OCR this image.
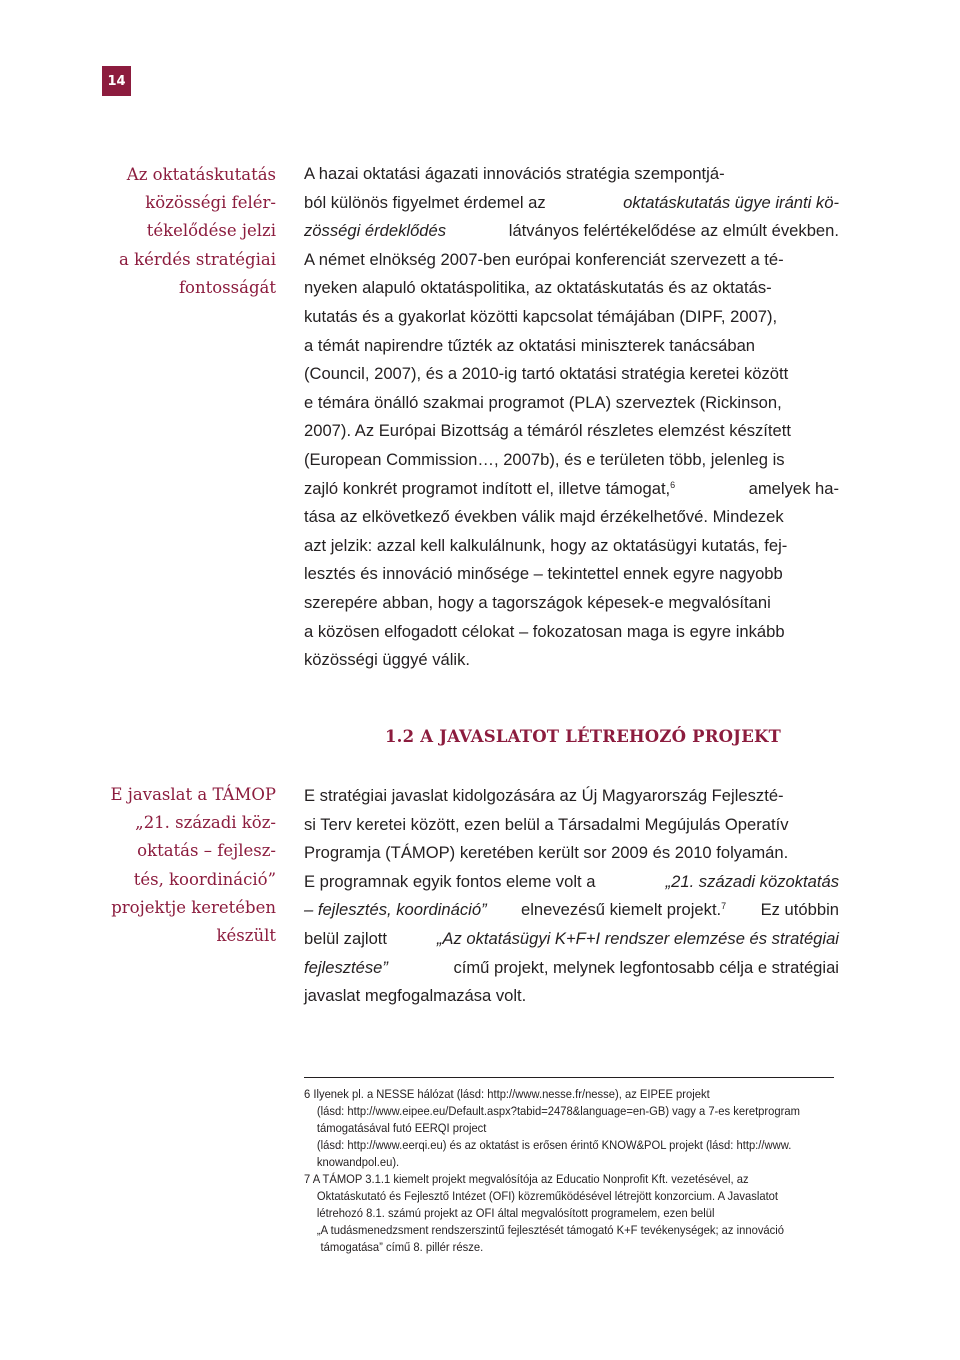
14
Az oktatáskutatás
közösségi felér-
tékelődése jelzi
a kérdés stratégiai
fontosságát
A hazai oktatási ágazati innovációs stratégia szempontjá-
ból különös figyelmet érdemel az	oktatáskutatás ügye iránti kö-
zösségi érdeklődés	látványos felértékelődése az elmúlt években.
A német elnökség 2007-ben európai konferenciát szervezett a té-
nyeken alapuló oktatáspolitika, az oktatáskutatás és az oktatás-
kutatás és a gyakorlat közötti kapcsolat témájában (DIPF, 2007),
a témát napirendre tűzték az oktatási miniszterek tanácsában
(Council, 2007), és a 2010-ig tartó oktatási stratégia keretei között
e témára önálló szakmai programot (PLA) szerveztek (Rickinson,
2007). Az Európai Bizottság a témáról részletes elemzést készített
(European Commission…, 2007b), és e területen több, jelenleg is
zajló konkrét programot indított el, illetve támogat,$^6$	amelyek ha-
tása az elkövetkező években válik majd érzékelhetővé. Mindezek
azt jelzik: azzal kell kalkulálnunk, hogy az oktatásügyi kutatás, fej-
lesztés és innováció minősége – tekintettel ennek egyre nagyobb
szerepére abban, hogy a tagországok képesek-e megvalósítani
a közösen elfogadott célokat – fokozatosan maga is egyre inkább
közösségi üggyé válik.
1.2 A JAVASLATOT LÉTREHOZÓ PROJEKT
E javaslat a TÁMOP
„21. századi köz-
oktatás – fejlesz-
tés, koordináció”
projektje keretében
készült
E stratégiai javaslat kidolgozására az Új Magyarország Fejleszté-
si Terv keretei között, ezen belül a Társadalmi Megújulás Operatív
Programja (TÁMOP) keretében került sor 2009 és 2010 folyamán.
E programnak egyik fontos eleme volt a	„21. századi közoktatás
– fejlesztés, koordináció” elnevezésű kiemelt projekt.$^7$ Ez utóbbin
belül zajlott	„Az oktatásügyi K+F+I rendszer elemzése és stratégiai
fejlesztése”	című projekt, melynek legfontosabb célja e stratégiai
javaslat megfogalmazása volt.
6 Ilyenek pl. a NESSE hálózat (lásd: http://www.nesse.fr/nesse), az EIPEE projekt
(lásd: http://www.eipee.eu/Default.aspx?tabid=2478&language=en-GB) vagy a 7-es keretprogram
támogatásával futó EERQI project
(lásd: http://www.eerqi.eu) és az oktatást is erősen érintő KNOW&POL projekt (lásd: http://www.
knowandpol.eu).
7 A TÁMOP 3.1.1 kiemelt projekt megvalósítója az Educatio Nonprofit Kft. vezetésével, az
Oktatáskutató és Fejlesztő Intézet (OFI) közreműködésével létrejött konzorcium. A Javaslatot
létrehozó 8.1. számú projekt az OFI által megvalósított programelem, ezen belül
„A tudásmenedzsment rendszerszintű fejlesztését támogató K+F tevékenységek; az innováció
támogatása” című 8. pillér része.
